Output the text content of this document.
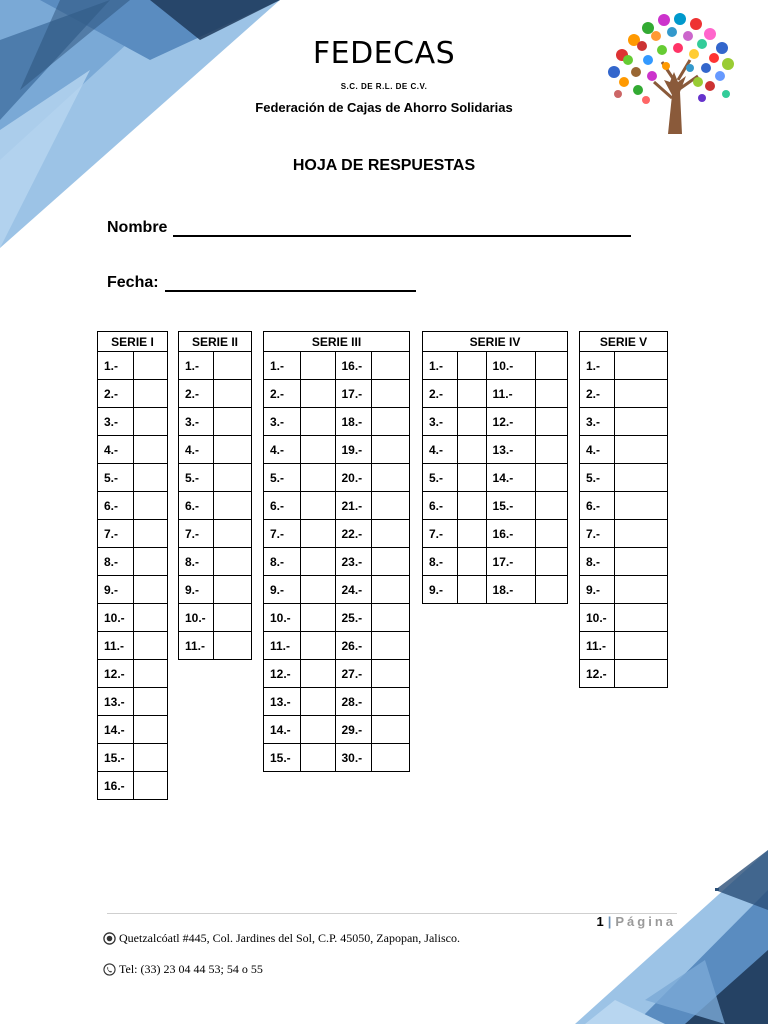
FEDECAS
S.C. DE R.L. DE C.V.
Federación de Cajas de Ahorro Solidarias
HOJA DE RESPUESTAS
Nombre
Fecha:
SERIE I	
1.-	
2.-	
3.-	
4.-	
5.-	
6.-	
7.-	
8.-	
9.-	
10.-	
11.-	
12.-	
13.-	
14.-	
15.-	
16.-	
SERIE II	
1.-	
2.-	
3.-	
4.-	
5.-	
6.-	
7.-	
8.-	
9.-	
10.-	
11.-	
SERIE III			
1.-		16.-	
2.-		17.-	
3.-		18.-	
4.-		19.-	
5.-		20.-	
6.-		21.-	
7.-		22.-	
8.-		23.-	
9.-		24.-	
10.-		25.-	
11.-		26.-	
12.-		27.-	
13.-		28.-	
14.-		29.-	
15.-		30.-	
SERIE IV			
1.-		10.-	
2.-		11.-	
3.-		12.-	
4.-		13.-	
5.-		14.-	
6.-		15.-	
7.-		16.-	
8.-		17.-	
9.-		18.-	
SERIE V	
1.-	
2.-	
3.-	
4.-	
5.-	
6.-	
7.-	
8.-	
9.-	
10.-	
11.-	
12.-	
1 | Página
Quetzalcóatl #445, Col. Jardines del Sol, C.P. 45050, Zapopan, Jalisco.
Tel: (33) 23 04 44 53; 54 o 55
